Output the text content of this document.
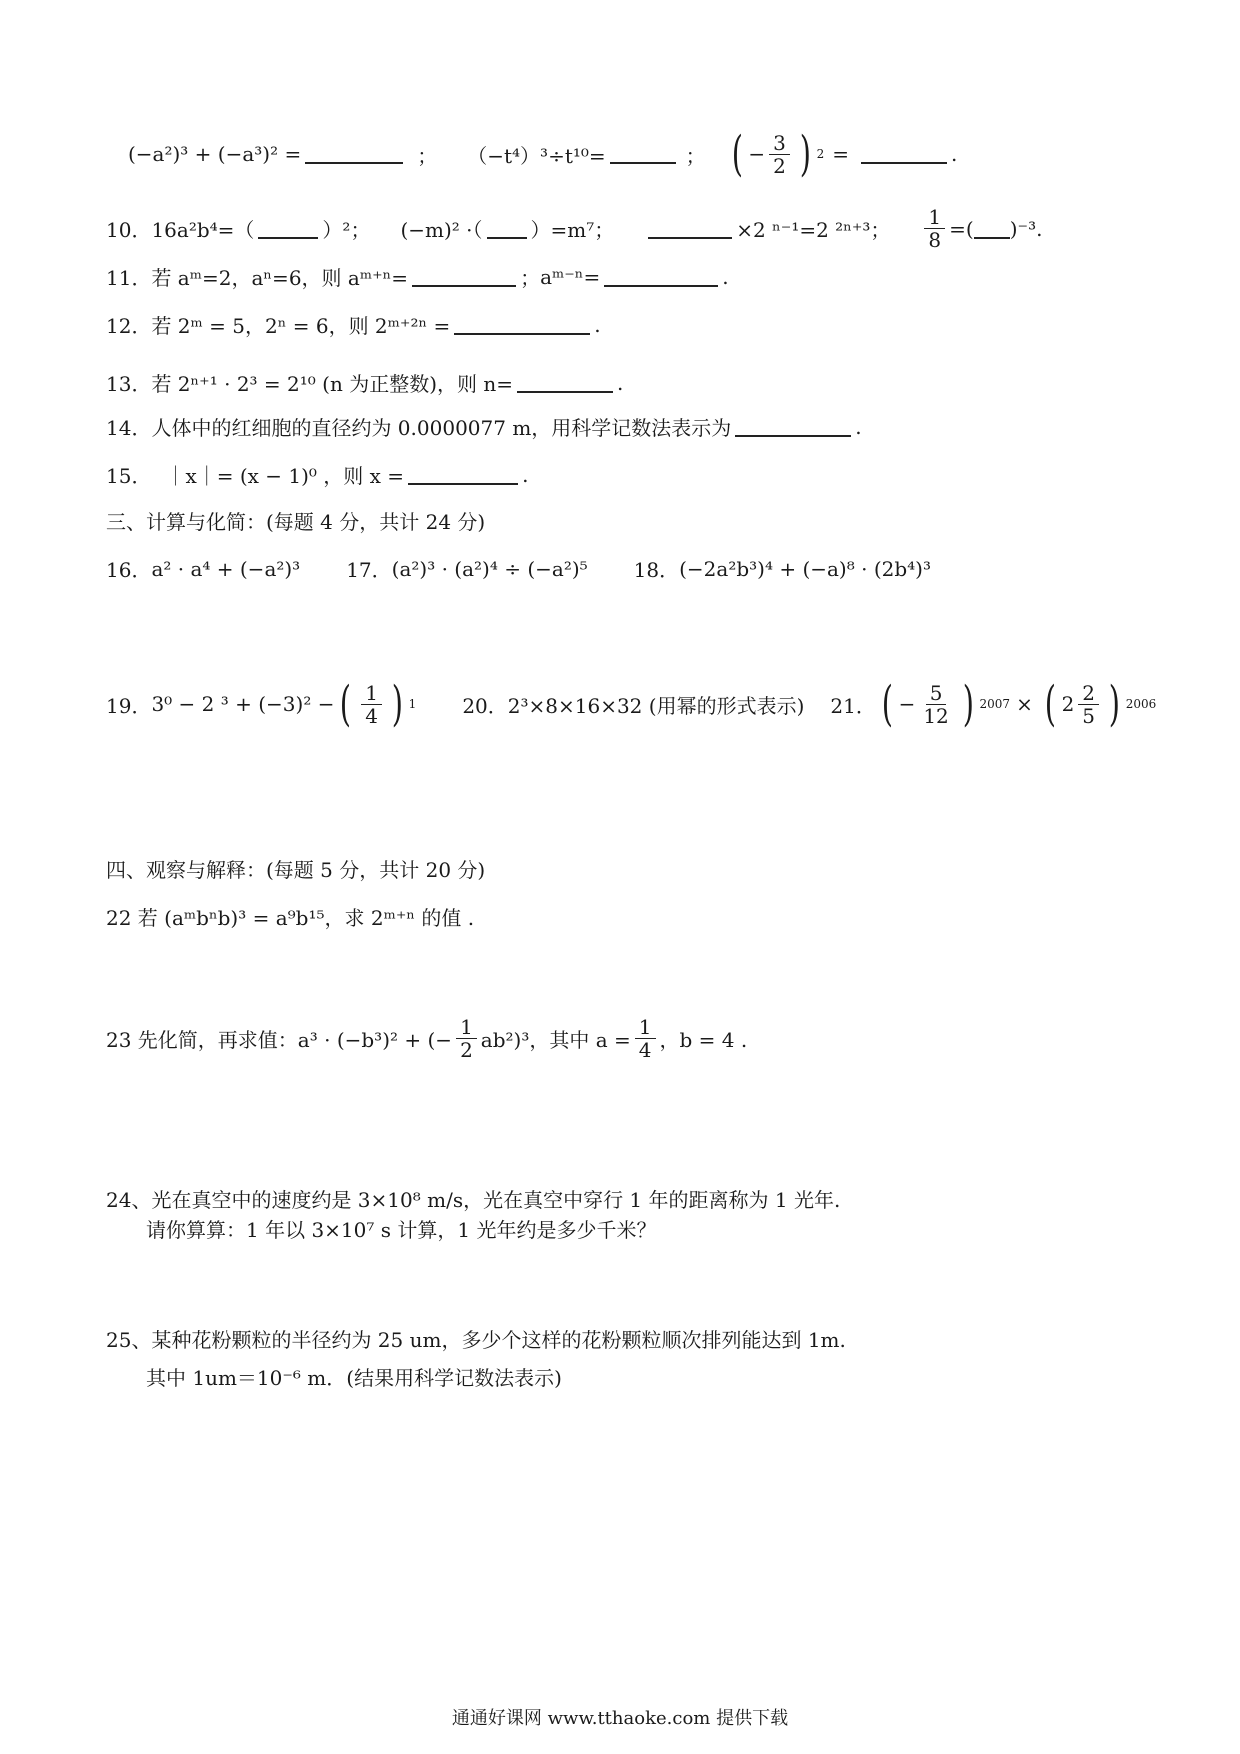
(−a²)³ + (−a³)² =	； （−t⁴）³÷t¹⁰=	； ( − $\frac{3}{2}$ ) 2 =	.
10． 16a²b⁴=（	）²； (−m)² ·（ ）=m⁷；	×2 ⁿ⁻¹=2 ²ⁿ⁺³； $\frac{1}{8}$ =( )⁻³.
11． 若 aᵐ=2，aⁿ=6，则 aᵐ⁺ⁿ=	； aᵐ⁻ⁿ=	.
12． 若 2ᵐ = 5，2ⁿ = 6，则 2ᵐ⁺²ⁿ =	.
13． 若 2ⁿ⁺¹ · 2³ = 2¹⁰ (n 为正整数)，则 n=	.
14． 人体中的红细胞的直径约为 0.0000077 m，用科学记数法表示为	.
15． ｜x｜= (x − 1)⁰ ，则 x =	.
三、计算与化简：(每题 4 分，共计 24 分)
16． a² · a⁴ + (−a²)³ 17． (a²)³ · (a²)⁴ ÷ (−a²)⁵ 18． (−2a²b³)⁴ + (−a)⁸ · (2b⁴)³
19． 3⁰ − 2 ³ + (−3)² − ( $\frac{1}{4}$ ) 1 20． 2³×8×16×32 (用幂的形式表示) 21． ( − $\frac{5}{12}$ ) 2007 × ( $2 \frac{2}{5}$ ) 2006
四、观察与解释：(每题 5 分，共计 20 分)
22 若 (aᵐbⁿb)³ = a⁹b¹⁵，求 2ᵐ⁺ⁿ 的值 .
23 先化简，再求值：a³ · (−b³)² + (− $\frac{1}{2} ab^2)^3$，其中 $a = \frac{1}{4}$ ，b = 4 .
24、光在真空中的速度约是 3×10⁸ m/s，光在真空中穿行 1 年的距离称为 1 光年.
请你算算：1 年以 3×10⁷ s 计算，1 光年约是多少千米？
25、某种花粉颗粒的半径约为 25 um，多少个这样的花粉颗粒顺次排列能达到 1m.
其中 1um＝10⁻⁶ m．(结果用科学记数法表示)
通通好课网 www.tthaoke.com 提供下载
